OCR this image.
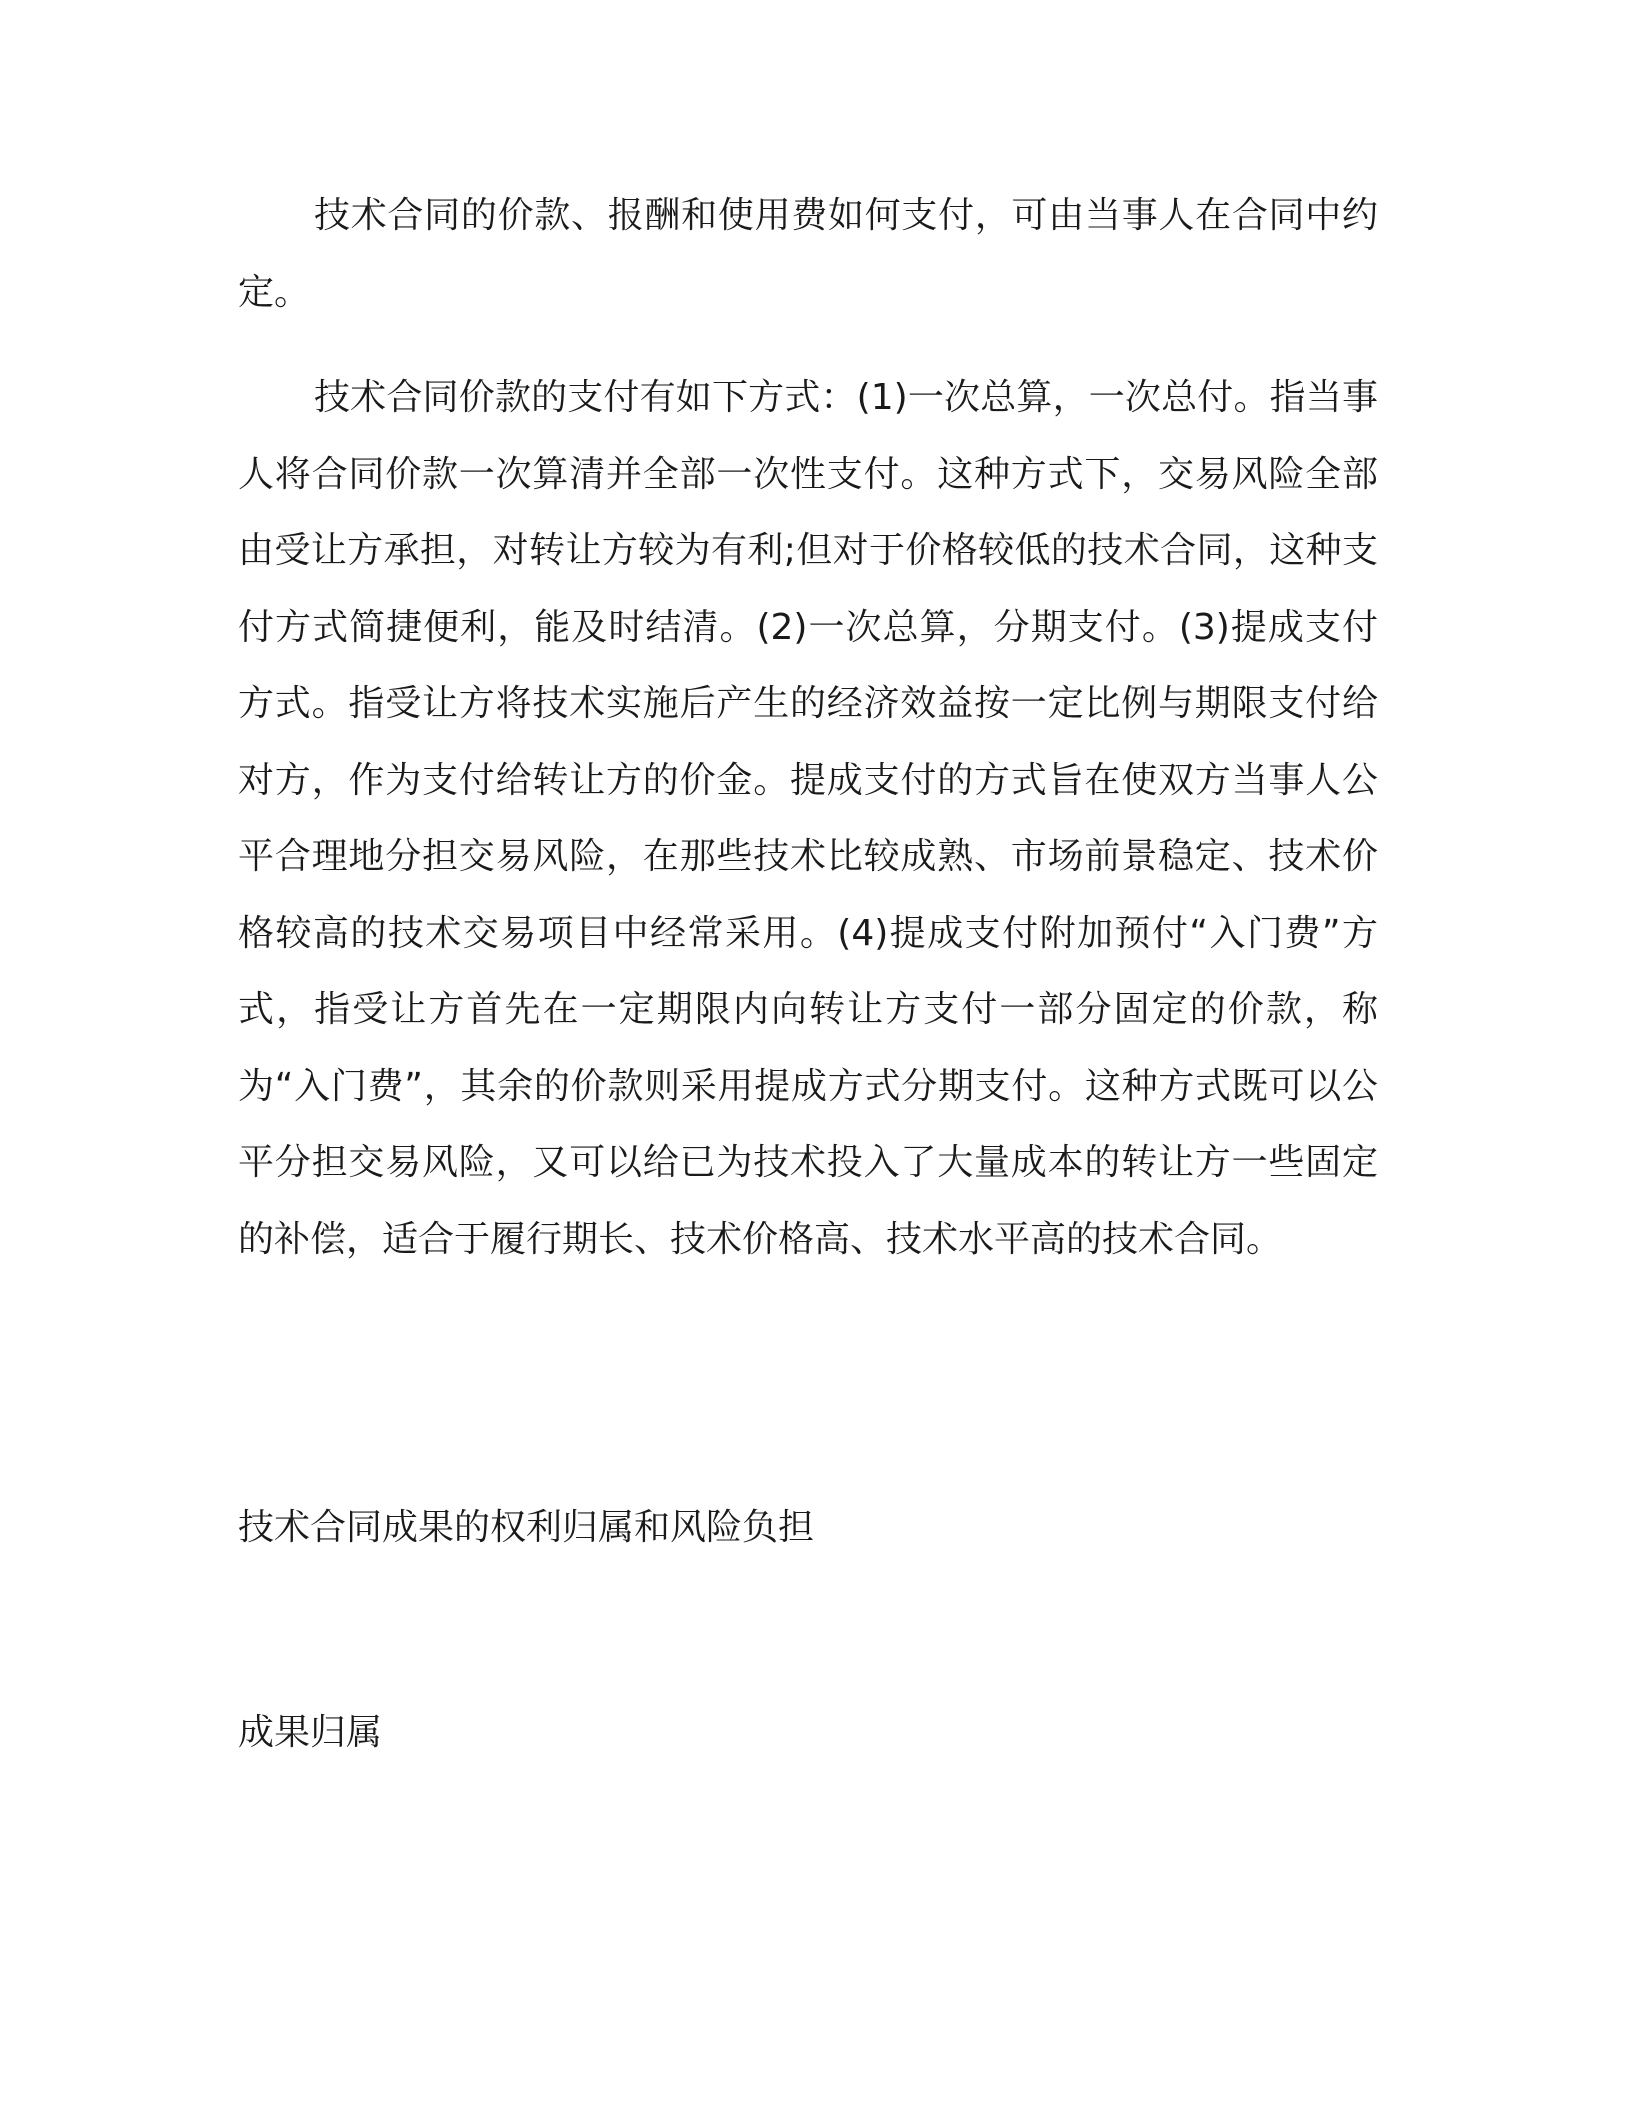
技术合同的价款、报酬和使用费如何支付，可由当事人在合同中约定。

技术合同价款的支付有如下方式：(1)一次总算，一次总付。指当事人将合同价款一次算清并全部一次性支付。这种方式下，交易风险全部由受让方承担，对转让方较为有利;但对于价格较低的技术合同，这种支付方式简捷便利，能及时结清。(2)一次总算，分期支付。(3)提成支付方式。指受让方将技术实施后产生的经济效益按一定比例与期限支付给对方，作为支付给转让方的价金。提成支付的方式旨在使双方当事人公平合理地分担交易风险，在那些技术比较成熟、市场前景稳定、技术价格较高的技术交易项目中经常采用。(4)提成支付附加预付“入门费”方式，指受让方首先在一定期限内向转让方支付一部分固定的价款，称为“入门费”，其余的价款则采用提成方式分期支付。这种方式既可以公平分担交易风险，又可以给已为技术投入了大量成本的转让方一些固定的补偿，适合于履行期长、技术价格高、技术水平高的技术合同。

技术合同成果的权利归属和风险负担
成果归属
